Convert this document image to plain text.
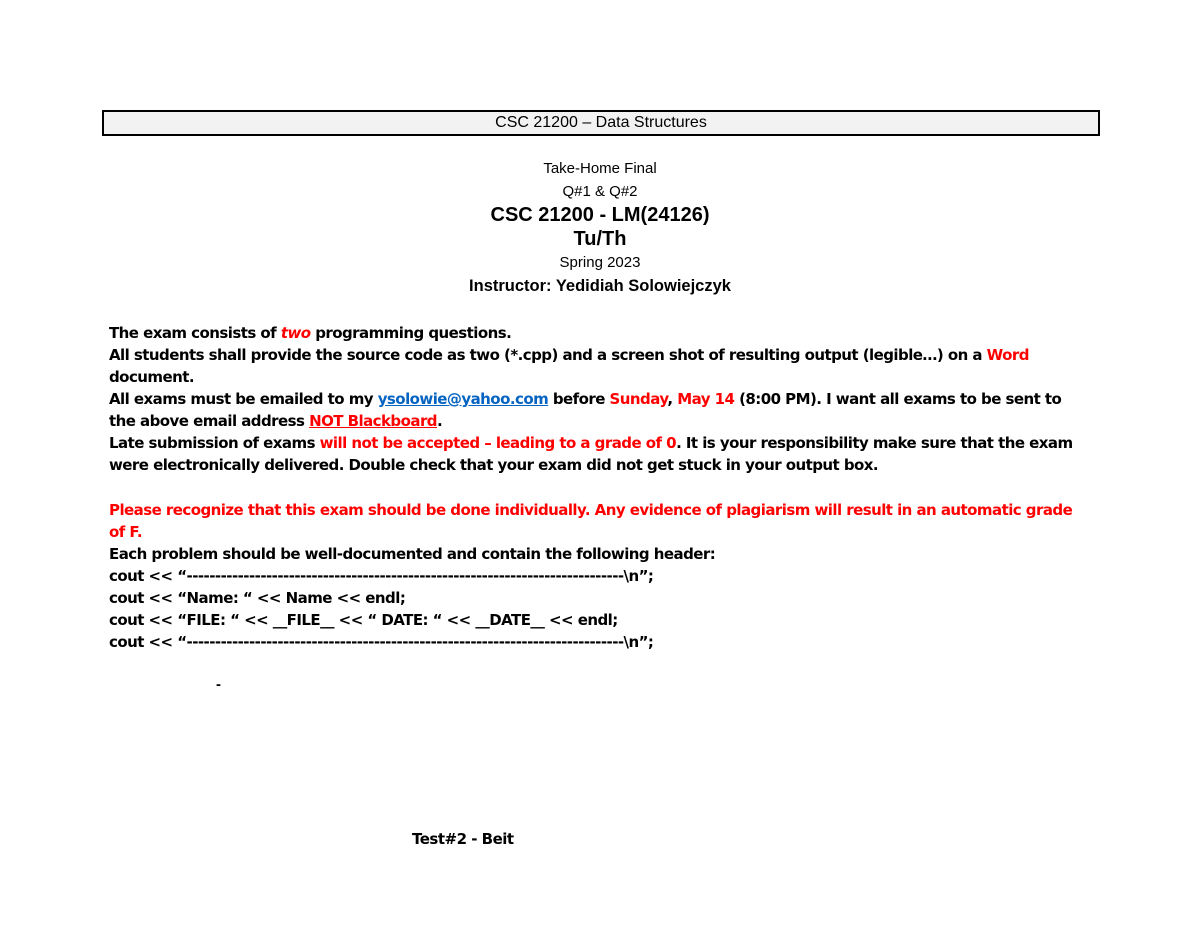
CSC 21200 – Data Structures
Take-Home Final
Q#1 & Q#2
CSC 21200 - LM(24126)
Tu/Th
Spring 2023
Instructor: Yedidiah Solowiejczyk
The exam consists of two programming questions.
All students shall provide the source code as two (*.cpp) and a screen shot of resulting output (legible…) on a Word document.
All exams must be emailed to my ysolowie@yahoo.com before Sunday, May 14 (8:00 PM). I want all exams to be sent to the above email address NOT Blackboard.
Late submission of exams will not be accepted – leading to a grade of 0. It is your responsibility make sure that the exam were electronically delivered. Double check that your exam did not get stuck in your output box.
Please recognize that this exam should be done individually. Any evidence of plagiarism will result in an automatic grade of F.
Each problem should be well-documented and contain the following header:
cout << “-----------------------------------------------------------------------------\n”;
cout << “Name: “ << Name << endl;
cout << “FILE: “ << __FILE__ << “ DATE: “ << __DATE__ << endl;
cout << “-----------------------------------------------------------------------------\n”;
-
Test#2 - Beit
